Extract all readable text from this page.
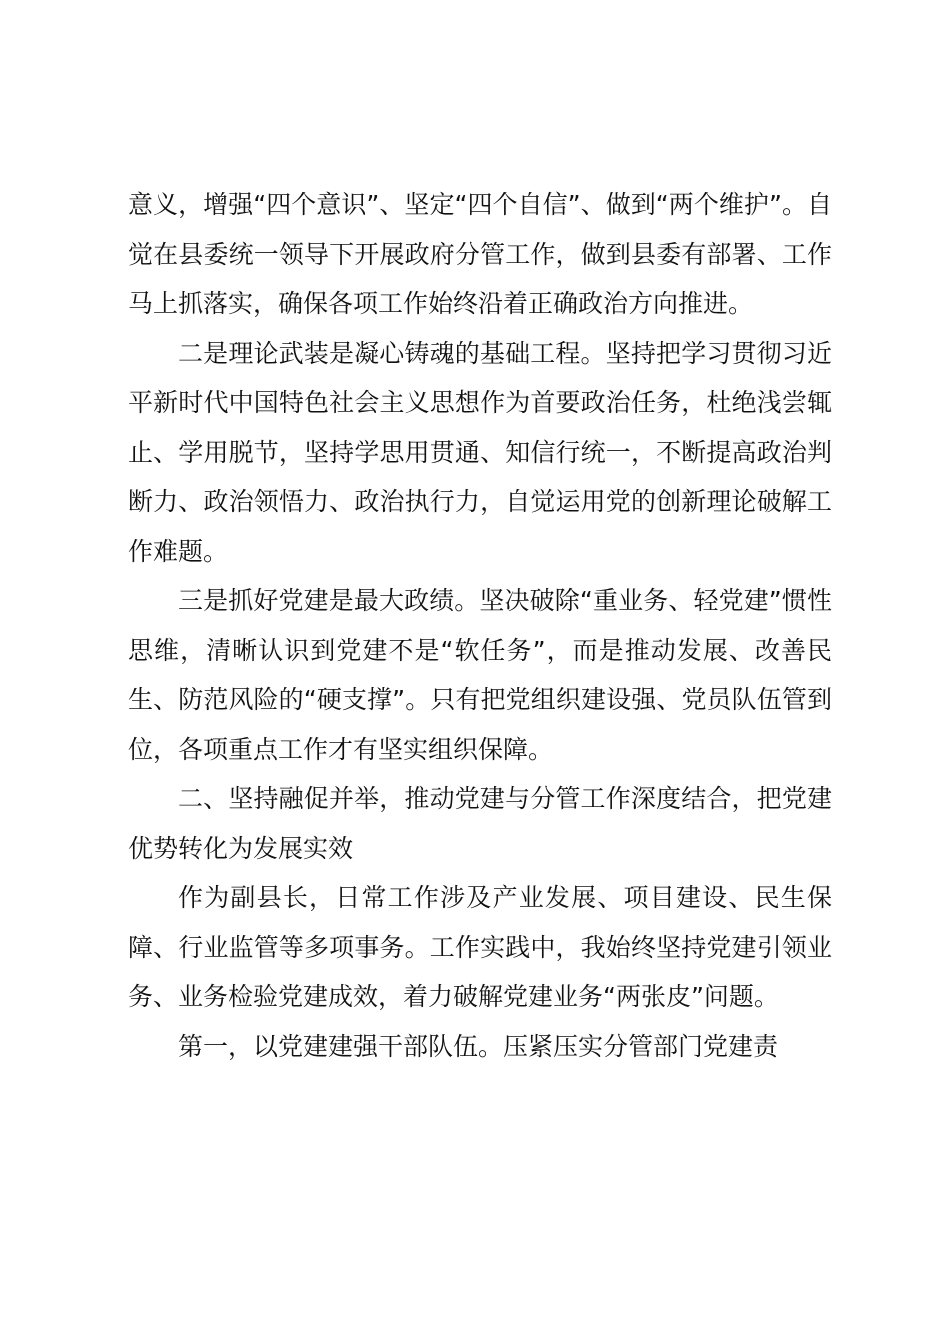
意义，增强“四个意识”、坚定“四个自信”、做到“两个维护”。自觉在县委统一领导下开展政府分管工作，做到县委有部署、工作马上抓落实，确保各项工作始终沿着正确政治方向推进。

二是理论武装是凝心铸魂的基础工程。坚持把学习贯彻习近平新时代中国特色社会主义思想作为首要政治任务，杜绝浅尝辄止、学用脱节，坚持学思用贯通、知信行统一，不断提高政治判断力、政治领悟力、政治执行力，自觉运用党的创新理论破解工作难题。

三是抓好党建是最大政绩。坚决破除“重业务、轻党建”惯性思维，清晰认识到党建不是“软任务”，而是推动发展、改善民生、防范风险的“硬支撑”。只有把党组织建设强、党员队伍管到位，各项重点工作才有坚实组织保障。

二、坚持融促并举，推动党建与分管工作深度结合，把党建优势转化为发展实效

作为副县长，日常工作涉及产业发展、项目建设、民生保障、行业监管等多项事务。工作实践中，我始终坚持党建引领业务、业务检验党建成效，着力破解党建业务“两张皮”问题。

第一，以党建建强干部队伍。压紧压实分管部门党建责
